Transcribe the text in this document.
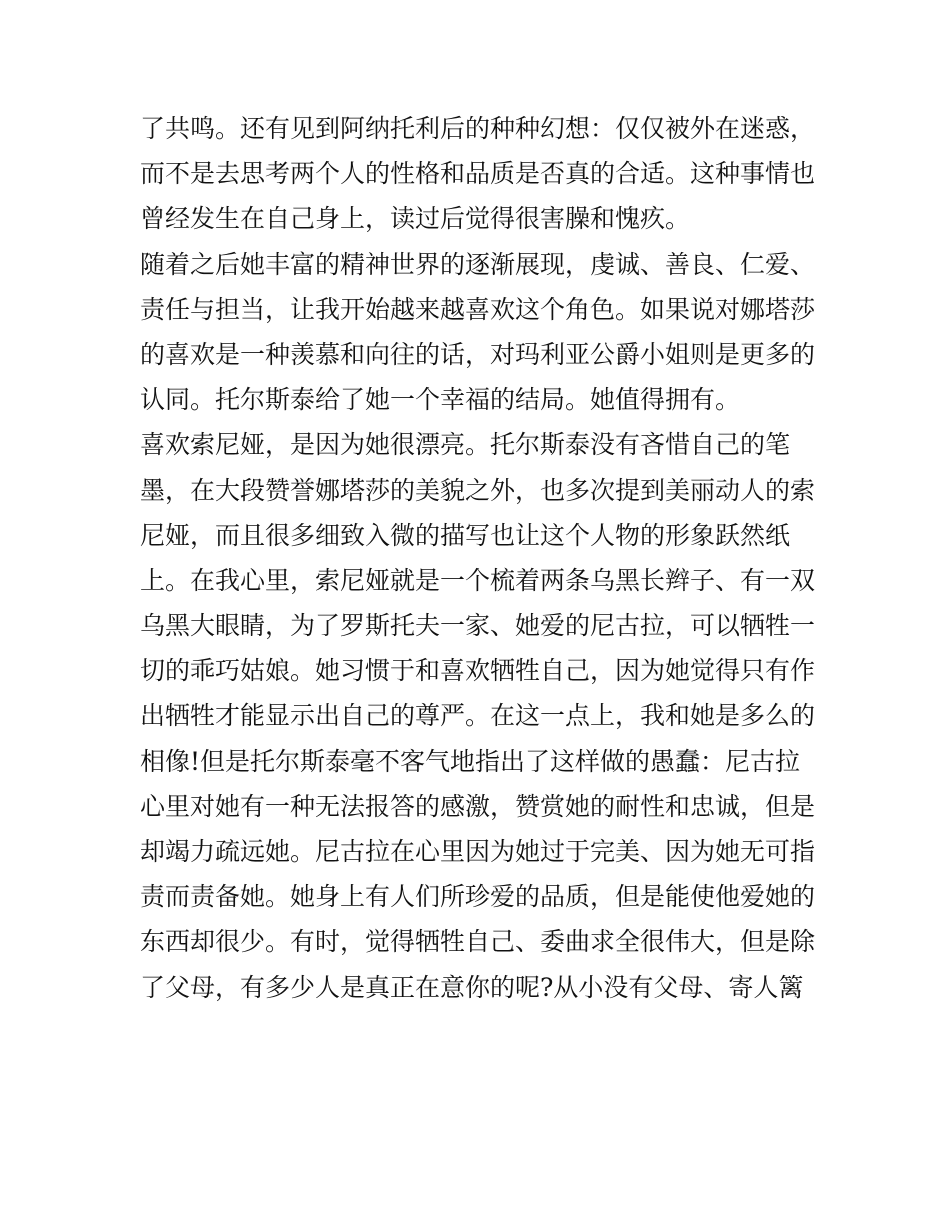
了共鸣。还有见到阿纳托利后的种种幻想：仅仅被外在迷惑，
而不是去思考两个人的性格和品质是否真的合适。这种事情也
曾经发生在自己身上，读过后觉得很害臊和愧疚。
随着之后她丰富的精神世界的逐渐展现，虔诚、善良、仁爱、
责任与担当，让我开始越来越喜欢这个角色。如果说对娜塔莎
的喜欢是一种羡慕和向往的话，对玛利亚公爵小姐则是更多的
认同。托尔斯泰给了她一个幸福的结局。她值得拥有。
喜欢索尼娅，是因为她很漂亮。托尔斯泰没有吝惜自己的笔
墨，在大段赞誉娜塔莎的美貌之外，也多次提到美丽动人的索
尼娅，而且很多细致入微的描写也让这个人物的形象跃然纸
上。在我心里，索尼娅就是一个梳着两条乌黑长辫子、有一双
乌黑大眼睛，为了罗斯托夫一家、她爱的尼古拉，可以牺牲一
切的乖巧姑娘。她习惯于和喜欢牺牲自己，因为她觉得只有作
出牺牲才能显示出自己的尊严。在这一点上，我和她是多么的
相像!但是托尔斯泰毫不客气地指出了这样做的愚蠢：尼古拉
心里对她有一种无法报答的感激，赞赏她的耐性和忠诚，但是
却竭力疏远她。尼古拉在心里因为她过于完美、因为她无可指
责而责备她。她身上有人们所珍爱的品质，但是能使他爱她的
东西却很少。有时，觉得牺牲自己、委曲求全很伟大，但是除
了父母，有多少人是真正在意你的呢?从小没有父母、寄人篱
